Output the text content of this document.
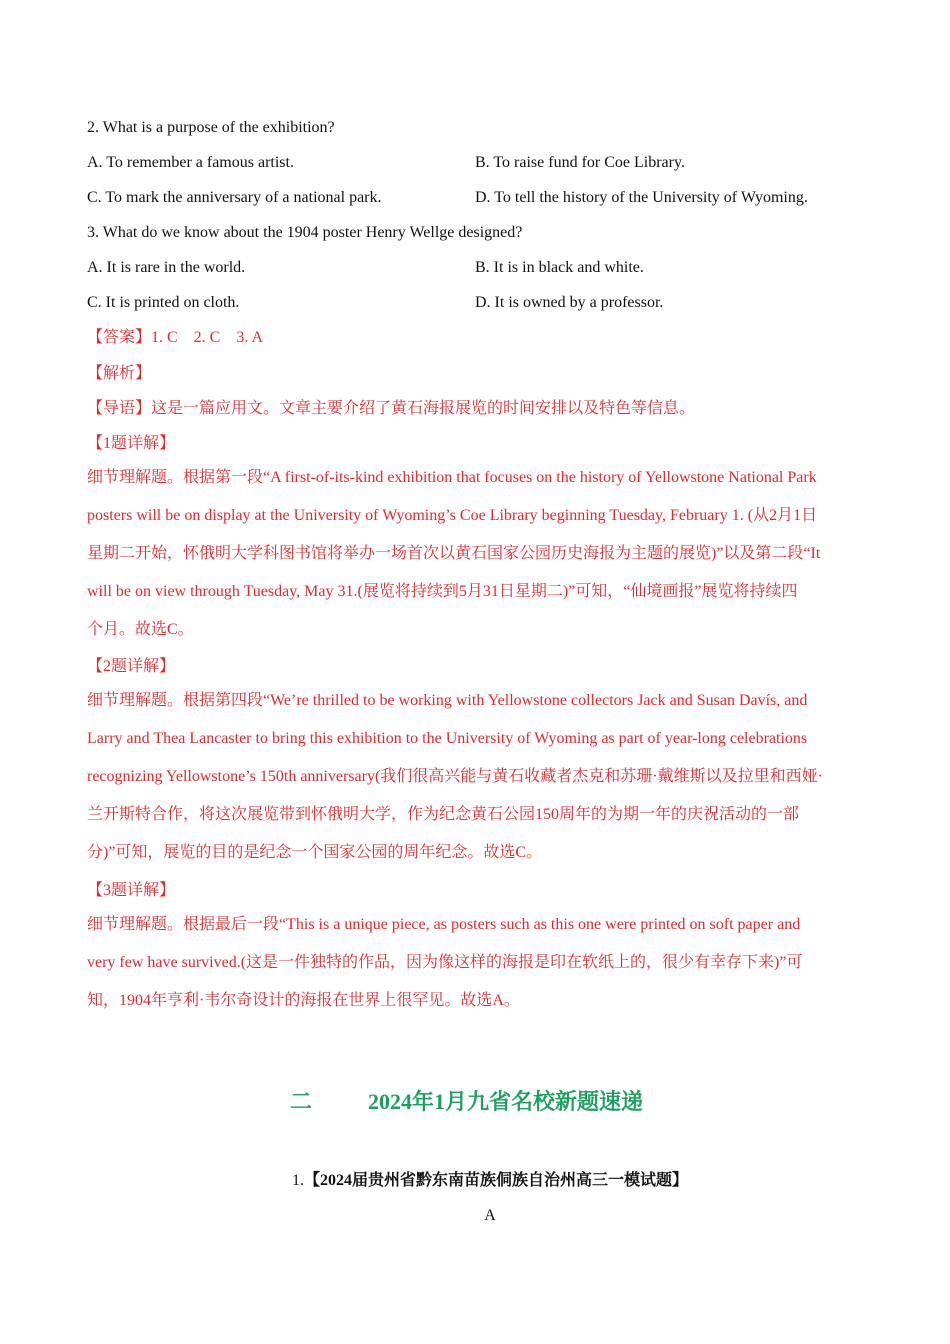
2. What is a purpose of the exhibition?
A. To remember a famous artist.	B. To raise fund for Coe Library.
C. To mark the anniversary of a national park.	D. To tell the history of the University of Wyoming.
3. What do we know about the 1904 poster Henry Wellge designed?
A. It is rare in the world.	B. It is in black and white.
C. It is printed on cloth.	D. It is owned by a professor.
【答案】1. C　2. C　3. A
【解析】
【导语】这是一篇应用文。文章主要介绍了黄石海报展览的时间安排以及特色等信息。
【1题详解】
细节理解题。根据第一段“A first-of-its-kind exhibition that focuses on the history of Yellowstone National Park
posters will be on display at the University of Wyoming’s Coe Library beginning Tuesday, February 1. (从2月1日
星期二开始，怀俄明大学科图书馆将举办一场首次以黄石国家公园历史海报为主题的展览)”以及第二段“It
will be on view through Tuesday, May 31.(展览将持续到5月31日星期二)”可知，“仙境画报”展览将持续四
个月。故选C。
【2题详解】
细节理解题。根据第四段“We’re thrilled to be working with Yellowstone collectors Jack and Susan Davís, and
Larry and Thea Lancaster to bring this exhibition to the University of Wyoming as part of year-long celebrations
recognizing Yellowstone’s 150th anniversary(我们很高兴能与黄石收藏者杰克和苏珊·戴维斯以及拉里和西娅·
兰开斯特合作，将这次展览带到怀俄明大学，作为纪念黄石公园150周年的为期一年的庆祝活动的一部
分)”可知，展览的目的是纪念一个国家公园的周年纪念。故选C。
【3题详解】
细节理解题。根据最后一段“This is a unique piece, as posters such as this one were printed on soft paper and
very few have survived.(这是一件独特的作品，因为像这样的海报是印在软纸上的，很少有幸存下来)”可
知，1904年亨利·韦尔奇设计的海报在世界上很罕见。故选A。
二	2024年1月九省名校新题速递
1.【2024届贵州省黔东南苗族侗族自治州高三一模试题】
A
